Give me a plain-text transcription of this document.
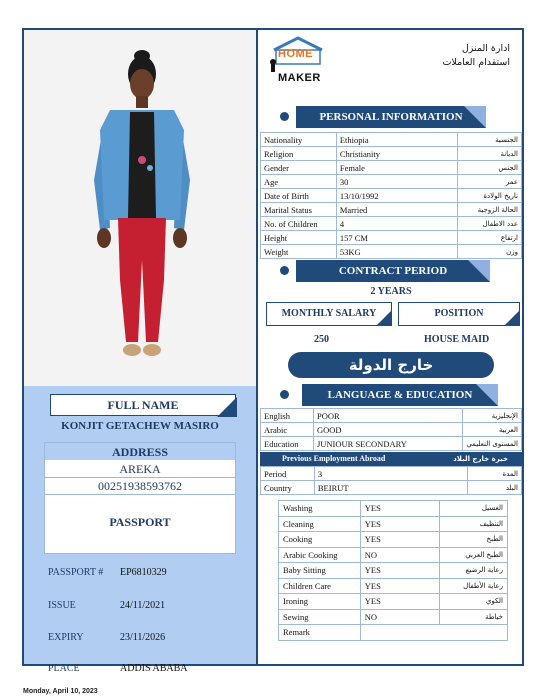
FULL NAME
KONJIT GETACHEW MASIRO
ADDRESS
AREKA
00251938593762
PASSPORT
PASSPORT # EP6810329
ISSUE	24/11/2021
EXPIRY	23/11/2026
PLACE	ADDIS ABABA
HOME
MAKER
ادارة المنزل
استقدام العاملات
PERSONAL INFORMATION
Nationality	Ethiopia	الجنسية
Religion	Christianity	الديانة
Gender	Female	الجنس
Age	30	عمر
Date of Birth	13/10/1992	تاريخ الولادة
Marital Status	Married	الحالة الزوجية
No. of Children	4	عدد الاطفال
Height	157 CM	ارتفاع
Weight	53KG	وزن
CONTRACT PERIOD
2 YEARS
MONTHLY SALARY	POSITION
250	HOUSE MAID
خارج الدولة
LANGUAGE & EDUCATION
English	POOR	الإنجليزية
Arabic	GOOD	العربية
Education	JUNIOUR SECONDARY	المستوى التعليمي
Previous Employment Abroad	خبرة خارج البلاد
Period	3	المدة
Country	BEIRUT	البلد
Washing	YES	الغسيل
Cleaning	YES	التنظيف
Cooking	YES	الطبخ
Arabic Cooking	NO	الطبخ العربي
Baby Sitting	YES	رعاية الرضيع
Children Care	YES	رعاية الأطفال
Ironing	YES	الكوي
Sewing	NO	خياطة
Remark		
Monday, April 10, 2023
